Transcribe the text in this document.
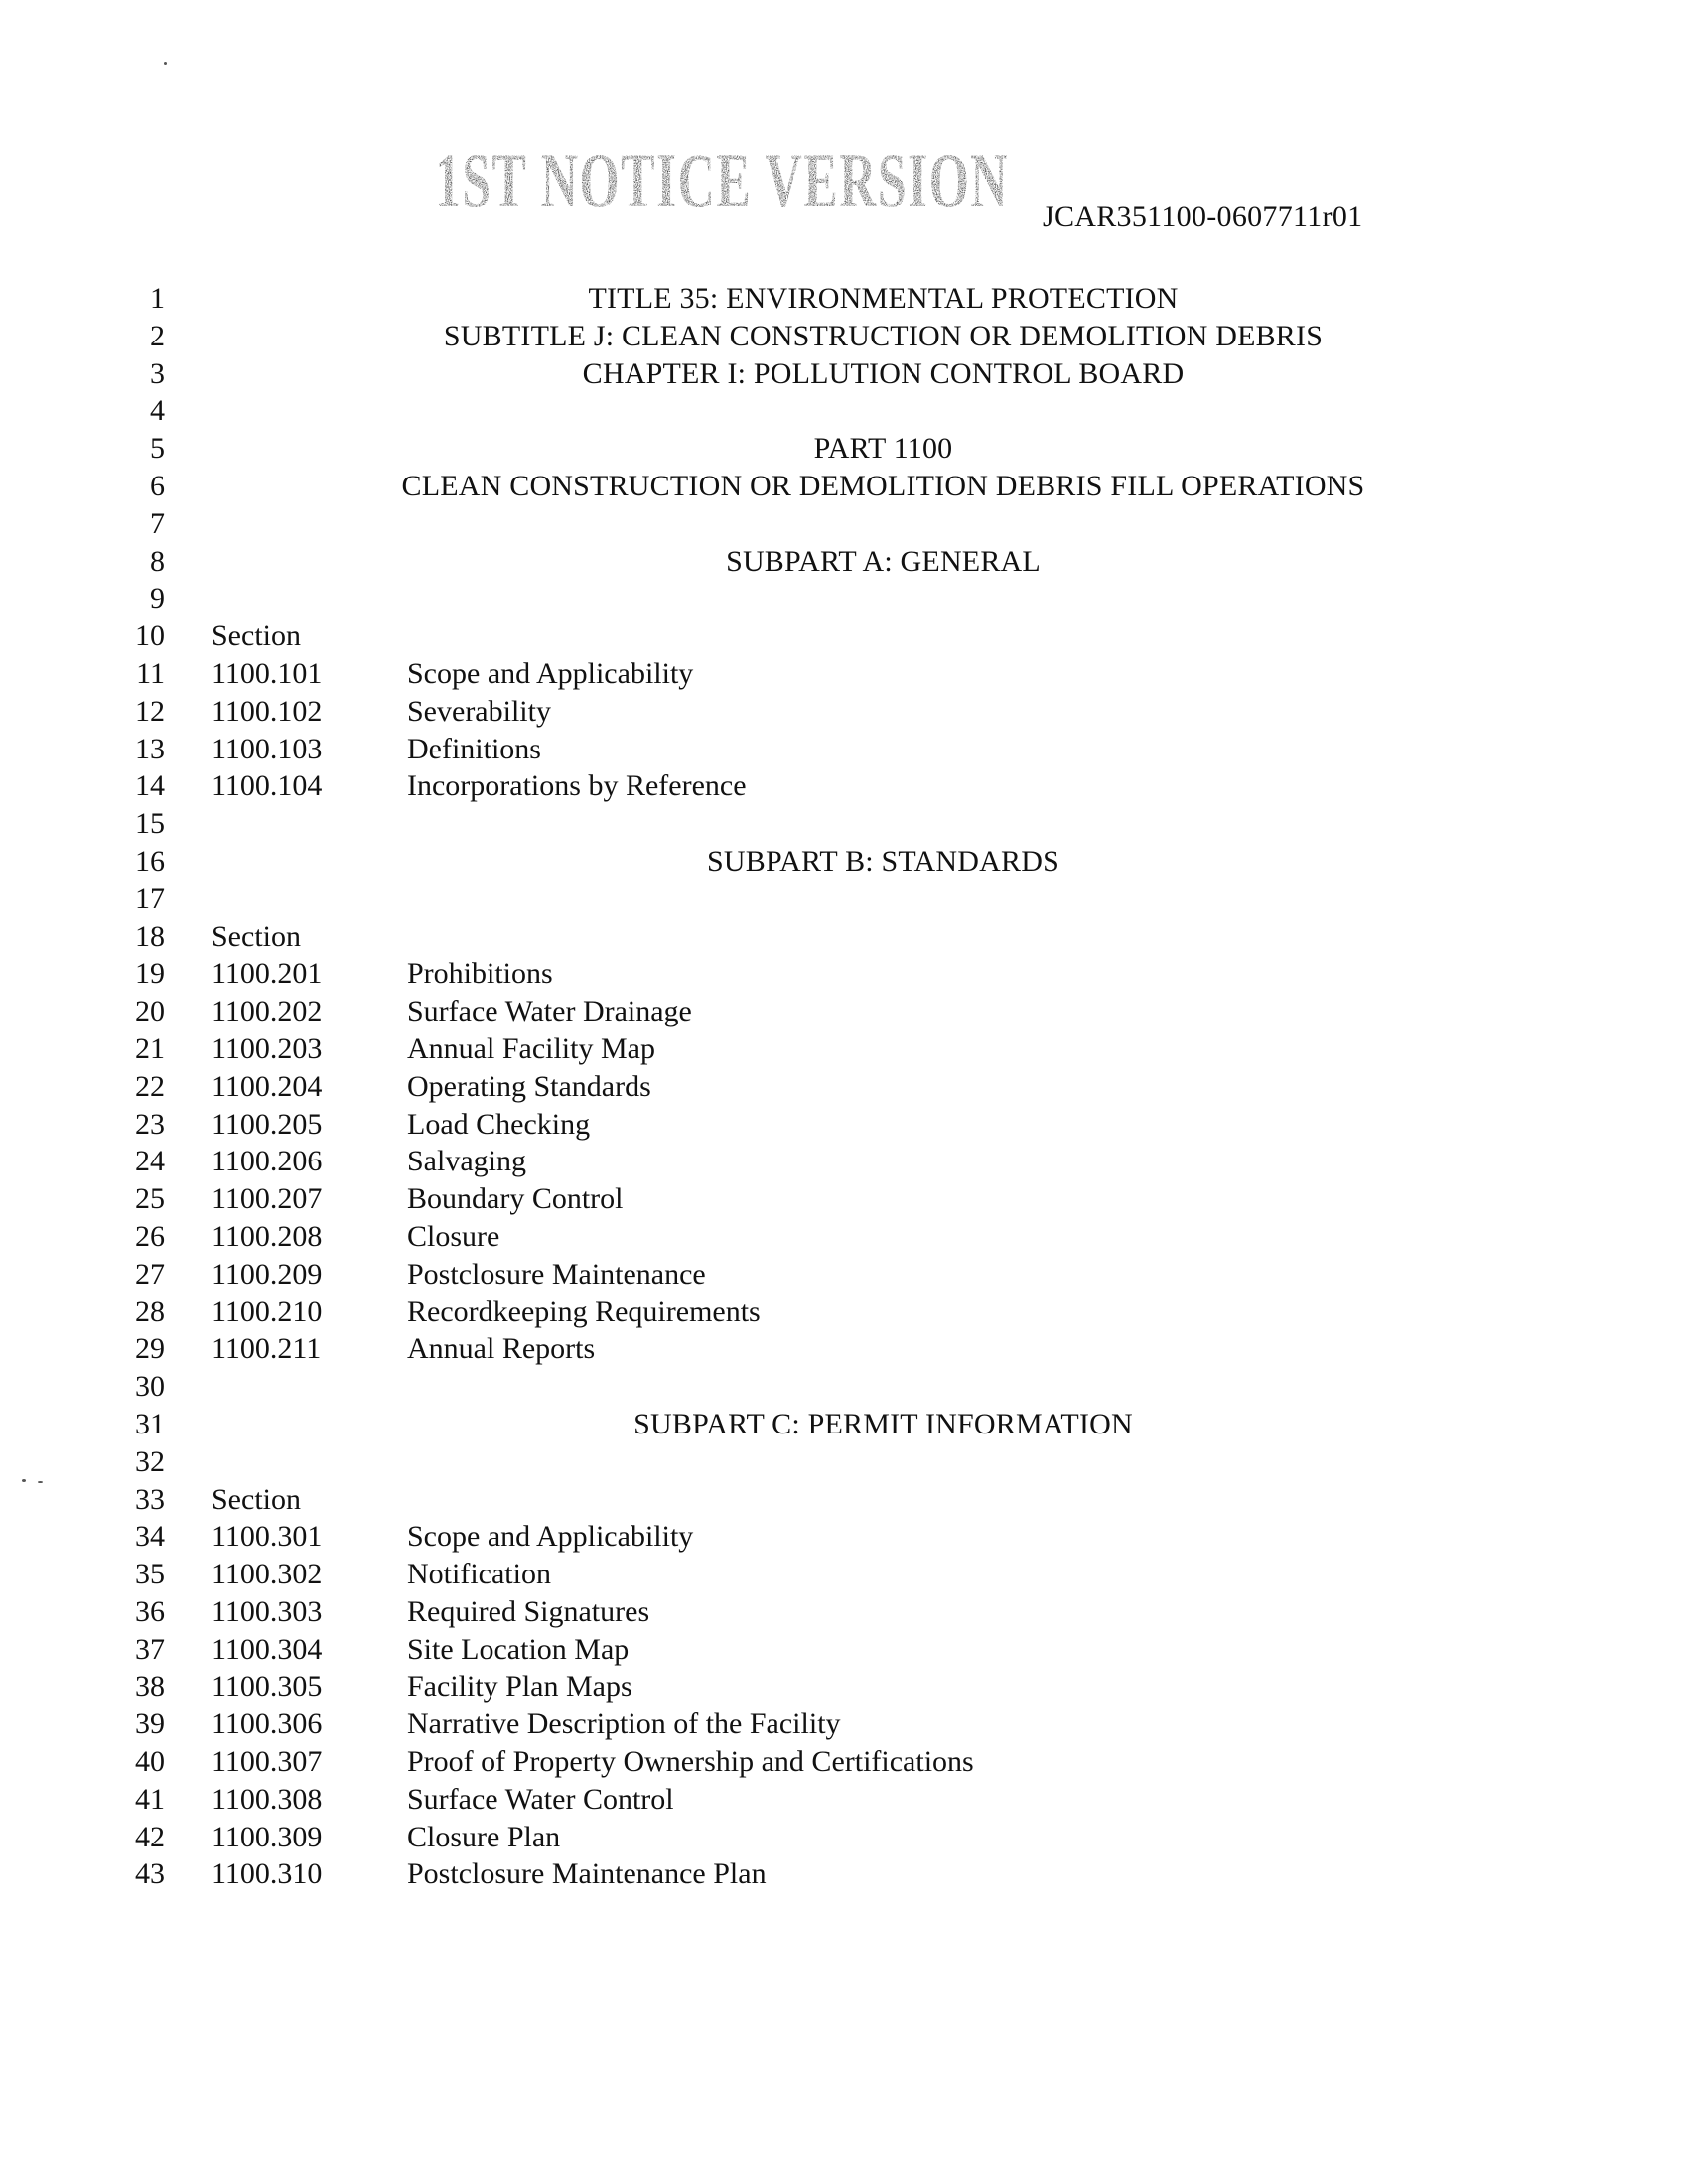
1ST NOTICE VERSION JCAR351100-0607711r01
1	TITLE 35: ENVIRONMENTAL PROTECTION
2	SUBTITLE J: CLEAN CONSTRUCTION OR DEMOLITION DEBRIS
3	CHAPTER I: POLLUTION CONTROL BOARD
4
5	PART 1100
6	CLEAN CONSTRUCTION OR DEMOLITION DEBRIS FILL OPERATIONS
7
8	SUBPART A: GENERAL
9
10 Section
11 1100.101	Scope and Applicability
12 1100.102	Severability
13 1100.103	Definitions
14 1100.104	Incorporations by Reference
15
16	SUBPART B: STANDARDS
17
18 Section
19 1100.201	Prohibitions
20 1100.202	Surface Water Drainage
21 1100.203	Annual Facility Map
22 1100.204	Operating Standards
23 1100.205	Load Checking
24 1100.206	Salvaging
25 1100.207	Boundary Control
26 1100.208	Closure
27 1100.209	Postclosure Maintenance
28 1100.210	Recordkeeping Requirements
29 1100.211	Annual Reports
30
31	SUBPART C: PERMIT INFORMATION
32
33 Section
34 1100.301	Scope and Applicability
35 1100.302	Notification
36 1100.303	Required Signatures
37 1100.304	Site Location Map
38 1100.305	Facility Plan Maps
39 1100.306	Narrative Description of the Facility
40 1100.307	Proof of Property Ownership and Certifications
41 1100.308	Surface Water Control
42 1100.309	Closure Plan
43 1100.310	Postclosure Maintenance Plan
